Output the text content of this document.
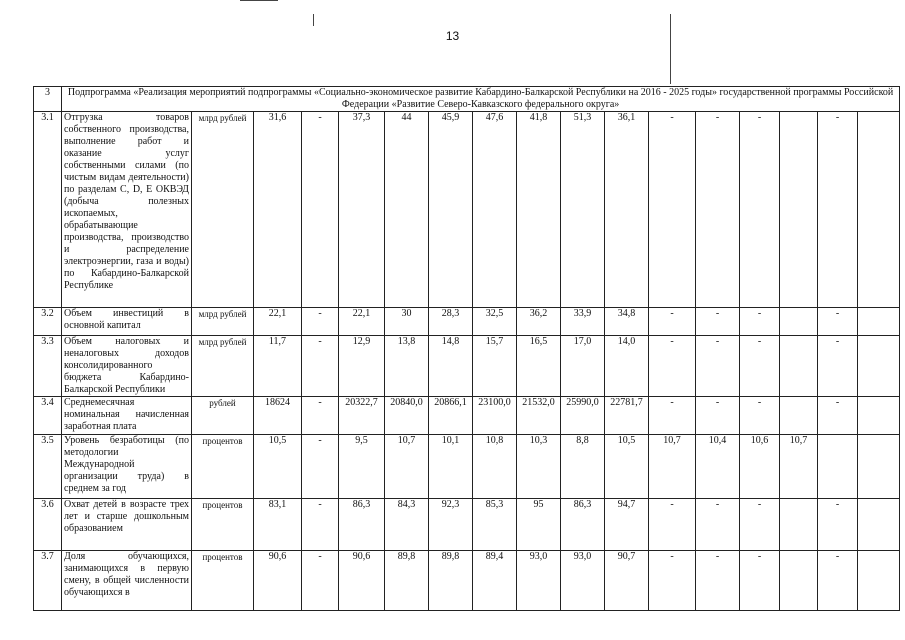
13
3	Подпрограмма «Реализация мероприятий подпрограммы «Социально-экономическое развитие Кабардино-Балкарской Республики на 2016 - 2025 годы» государственной программы Российской Федерации «Развитие Северо-Кавказского федерального округа»																
3.1	Отгрузка товаров собственного производства, выполнение работ и оказание услуг собственными силами (по чистым видам деятельности) по разделам C, D, E ОКВЭД (добыча полезных ископаемых, обрабатывающие производства, производство и распределение электроэнергии, газа и воды) по Кабардино-Балкарской Республике	млрд рублей	31,6	-	37,3	44	45,9	47,6	41,8	51,3	36,1	-	-	-		-	
3.2	Объем инвестиций в основной капитал	млрд рублей	22,1	-	22,1	30	28,3	32,5	36,2	33,9	34,8	-	-	-		-	
3.3	Объем налоговых и неналоговых доходов консолидированного бюджета Кабардино-Балкарской Республики	млрд рублей	11,7	-	12,9	13,8	14,8	15,7	16,5	17,0	14,0	-	-	-		-	
3.4	Среднемесячная номинальная начисленная заработная плата	рублей	18624	-	20322,7	20840,0	20866,1	23100,0	21532,0	25990,0	22781,7	-	-	-		-	
3.5	Уровень безработицы (по методологии Международной организации труда) в среднем за год	процентов	10,5	-	9,5	10,7	10,1	10,8	10,3	8,8	10,5	10,7	10,4	10,6	10,7		
3.6	Охват детей в возрасте трех лет и старше дошкольным образованием	процентов	83,1	-	86,3	84,3	92,3	85,3	95	86,3	94,7	-	-	-		-	
3.7	Доля обучающихся, занимающихся в первую смену, в общей численности обучающихся в	процентов	90,6	-	90,6	89,8	89,8	89,4	93,0	93,0	90,7	-	-	-		-	
